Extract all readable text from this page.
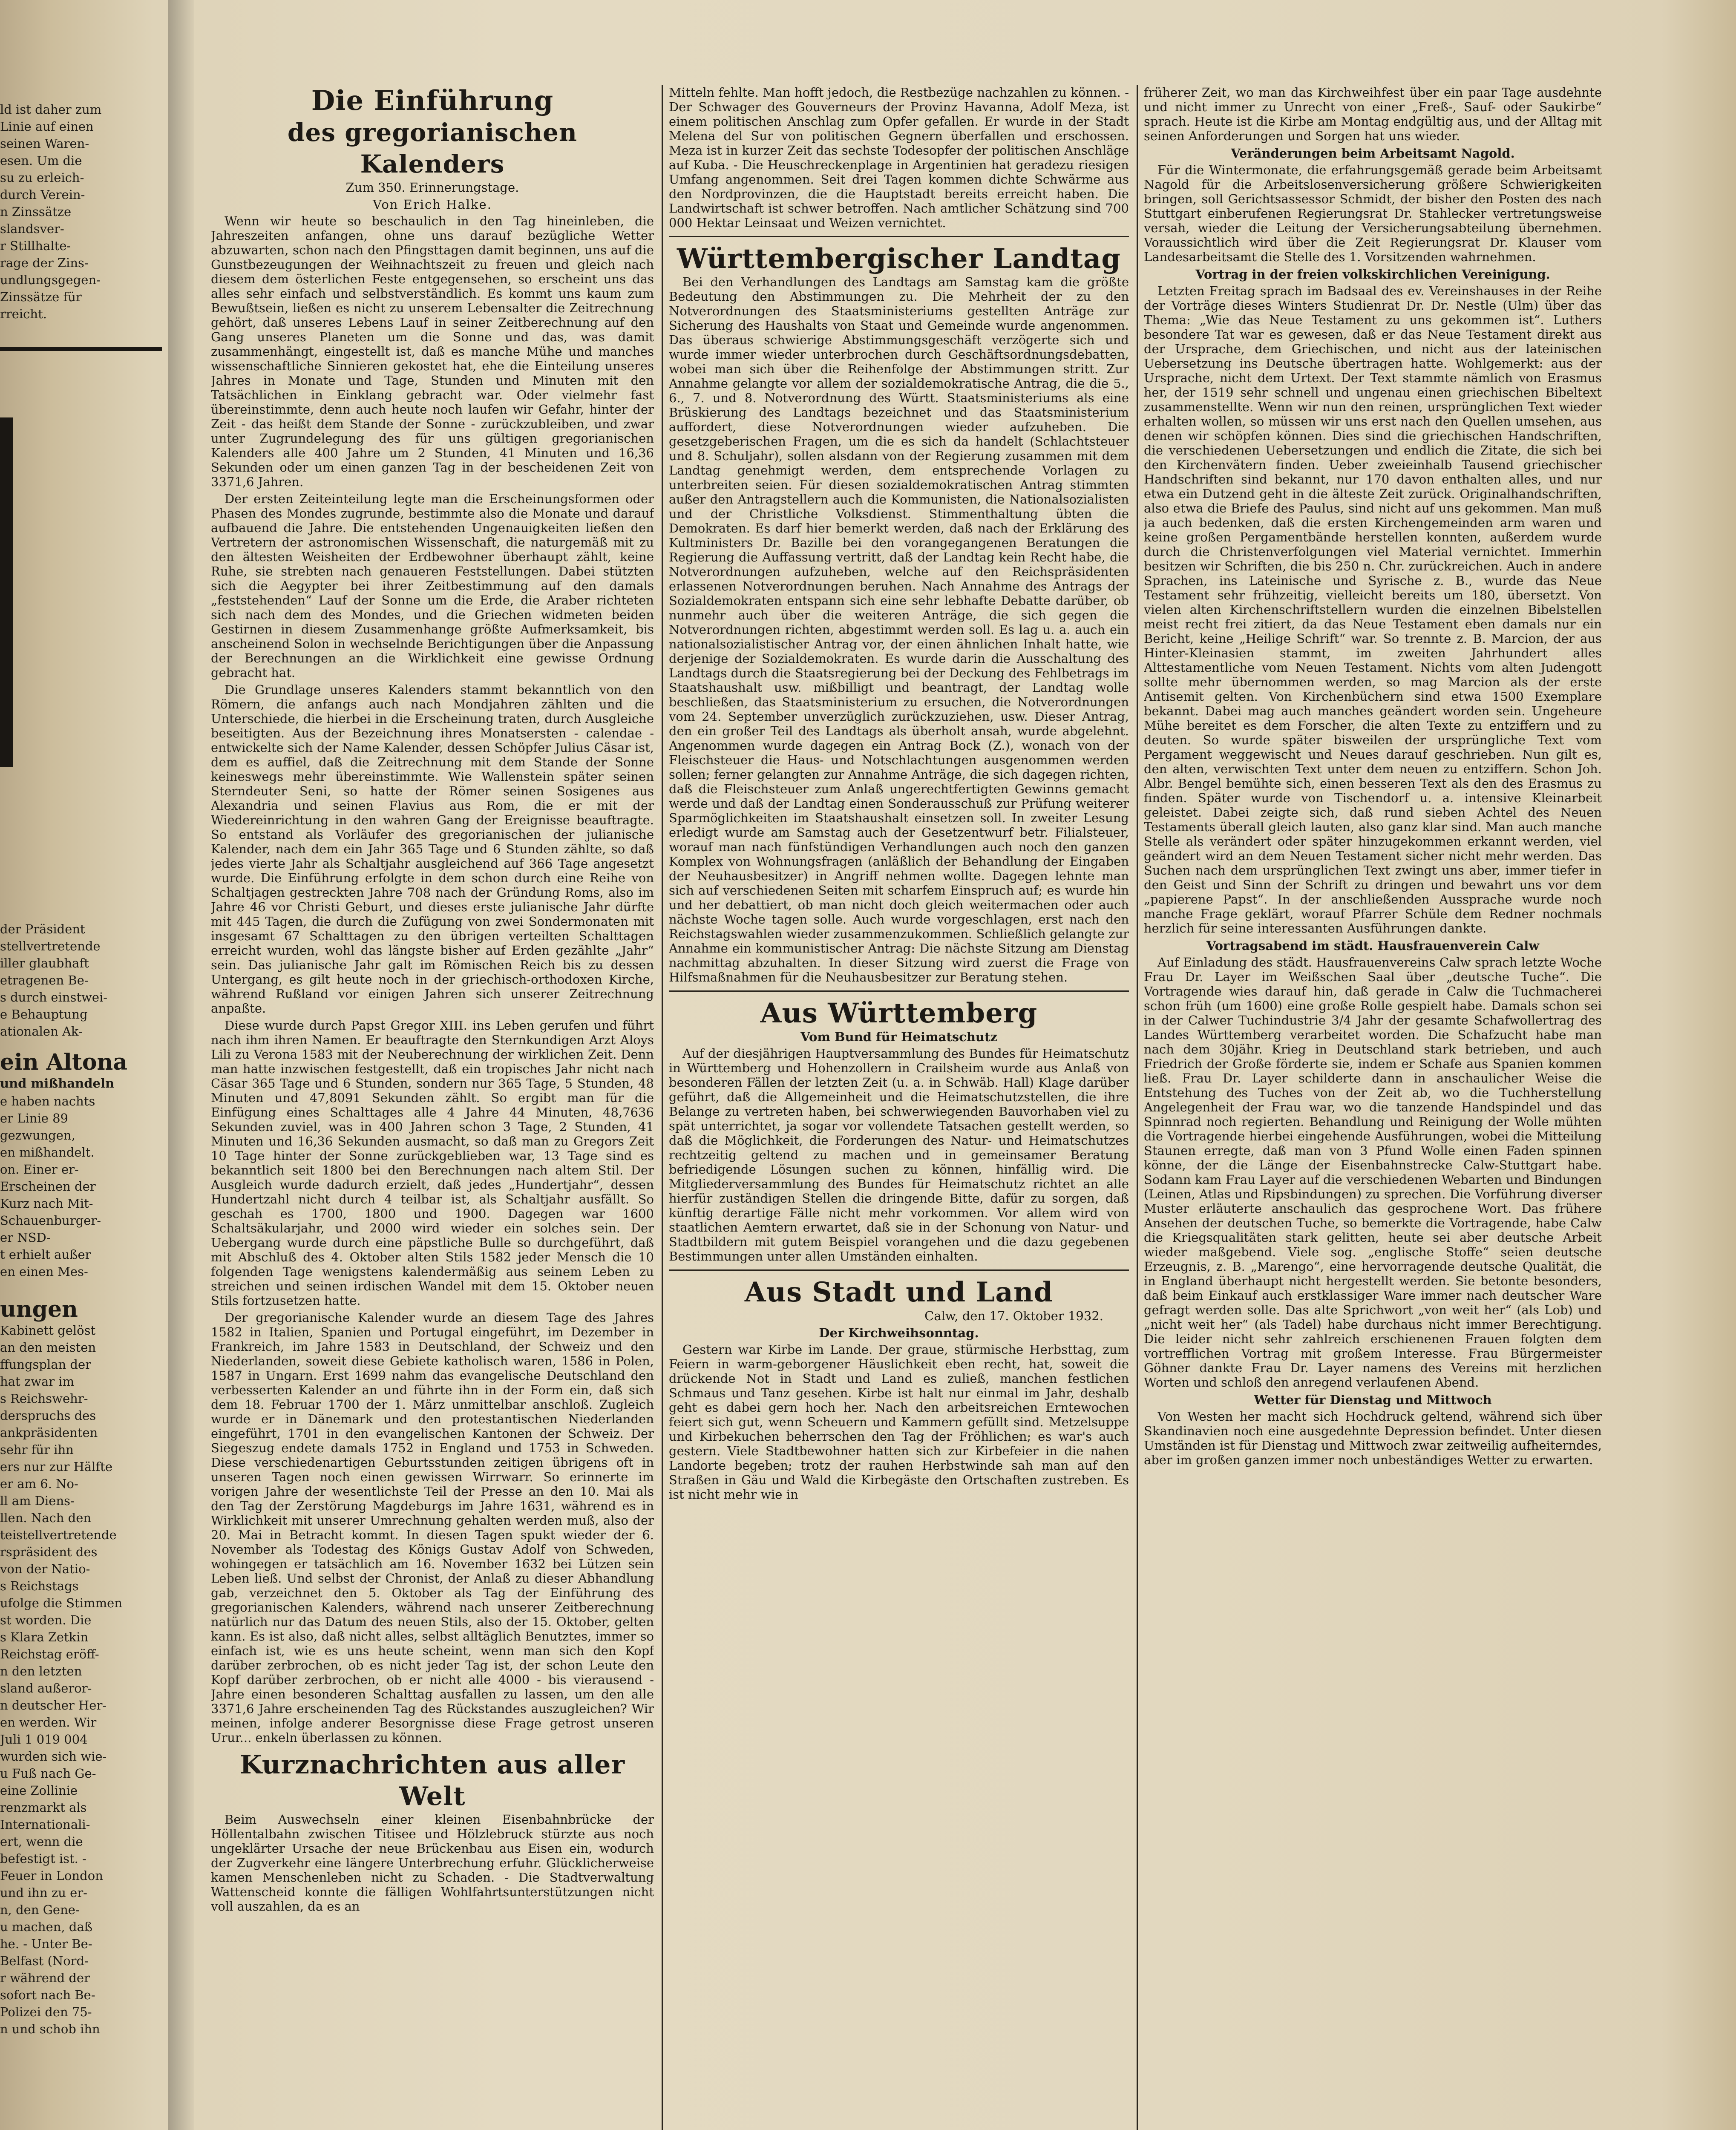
ld ist daher zum

Linie auf einen

seinen Waren-

esen. Um die

su zu erleich-

durch Verein-

n Zinssätze

slandsver-

r Stillhalte-

rage der Zins-

undlungsgegen-

Zinssätze für

rreicht.

der Präsident

stellvertretende

iller glaubhaft

etragenen Be-

s durch einstwei-

e Behauptung

ationalen Ak-

ein Altona
und mißhandeln

e haben nachts

er Linie 89

gezwungen,

en mißhandelt.

on. Einer er-

Erscheinen der

Kurz nach Mit-

Schauenburger-

er NSD-

t erhielt außer

en einen Mes-

ungen

Kabinett gelöst

an den meisten

ffungsplan der

hat zwar im

s Reichswehr-

derspruchs des

ankpräsidenten

sehr für ihn

ers nur zur Hälfte

er am 6. No-

ll am Diens-

llen. Nach den

teistellvertretende

rspräsident des

von der Natio-

s Reichstags

ufolge die Stimmen

st worden. Die

s Klara Zetkin

Reichstag eröff-

n den letzten

sland außeror-

n deutscher Her-

en werden. Wir

Juli 1 019 004

wurden sich wie-

u Fuß nach Ge-

eine Zollinie

renzmarkt als

Internationali-

ert, wenn die

befestigt ist. -

Feuer in London

und ihn zu er-

n, den Gene-

u machen, daß

he. - Unter Be-

Belfast (Nord-

r während der

sofort nach Be-

Polizei den 75-

n und schob ihn

Die Einführung
des gregorianischen Kalenders
Zum 350. Erinnerungstage.
Von Erich Halke.

Wenn wir heute so beschaulich in den Tag hineinleben, die Jahreszeiten anfangen, ohne uns darauf bezügliche Wetter abzuwarten, schon nach den Pfingsttagen damit beginnen, uns auf die Gunstbezeugungen der Weihnachtszeit zu freuen und gleich nach diesem dem österlichen Feste entgegensehen, so erscheint uns das alles sehr einfach und selbstverständlich. Es kommt uns kaum zum Bewußtsein, ließen es nicht zu unserem Lebensalter die Zeitrechnung gehört, daß unseres Lebens Lauf in seiner Zeitberechnung auf den Gang unseres Planeten um die Sonne und das, was damit zusammenhängt, eingestellt ist, daß es manche Mühe und manches wissenschaftliche Sinnieren gekostet hat, ehe die Einteilung unseres Jahres in Monate und Tage, Stunden und Minuten mit den Tatsächlichen in Einklang gebracht war. Oder vielmehr fast übereinstimmte, denn auch heute noch laufen wir Gefahr, hinter der Zeit - das heißt dem Stande der Sonne - zurückzubleiben, und zwar unter Zugrundelegung des für uns gültigen gregorianischen Kalenders alle 400 Jahre um 2 Stunden, 41 Minuten und 16,36 Sekunden oder um einen ganzen Tag in der bescheidenen Zeit von 3371,6 Jahren.

Der ersten Zeiteinteilung legte man die Erscheinungsformen oder Phasen des Mondes zugrunde, bestimmte also die Monate und darauf aufbauend die Jahre. Die entstehenden Ungenauigkeiten ließen den Vertretern der astronomischen Wissenschaft, die naturgemäß mit zu den ältesten Weisheiten der Erdbewohner überhaupt zählt, keine Ruhe, sie strebten nach genaueren Feststellungen. Dabei stützten sich die Aegypter bei ihrer Zeitbestimmung auf den damals „feststehenden“ Lauf der Sonne um die Erde, die Araber richteten sich nach dem des Mondes, und die Griechen widmeten beiden Gestirnen in diesem Zusammenhange größte Aufmerksamkeit, bis anscheinend Solon in wechselnde Berichtigungen über die Anpassung der Berechnungen an die Wirklichkeit eine gewisse Ordnung gebracht hat.

Die Grundlage unseres Kalenders stammt bekanntlich von den Römern, die anfangs auch nach Mondjahren zählten und die Unterschiede, die hierbei in die Erscheinung traten, durch Ausgleiche beseitigten. Aus der Bezeichnung ihres Monatsersten - calendae - entwickelte sich der Name Kalender, dessen Schöpfer Julius Cäsar ist, dem es auffiel, daß die Zeitrechnung mit dem Stande der Sonne keineswegs mehr übereinstimmte. Wie Wallenstein später seinen Sterndeuter Seni, so hatte der Römer seinen Sosigenes aus Alexandria und seinen Flavius aus Rom, die er mit der Wiedereinrichtung in den wahren Gang der Ereignisse beauftragte. So entstand als Vorläufer des gregorianischen der julianische Kalender, nach dem ein Jahr 365 Tage und 6 Stunden zählte, so daß jedes vierte Jahr als Schaltjahr ausgleichend auf 366 Tage angesetzt wurde. Die Einführung erfolgte in dem schon durch eine Reihe von Schaltjagen gestreckten Jahre 708 nach der Gründung Roms, also im Jahre 46 vor Christi Geburt, und dieses erste julianische Jahr dürfte mit 445 Tagen, die durch die Zufügung von zwei Sondermonaten mit insgesamt 67 Schalttagen zu den übrigen verteilten Schalttagen erreicht wurden, wohl das längste bisher auf Erden gezählte „Jahr“ sein. Das julianische Jahr galt im Römischen Reich bis zu dessen Untergang, es gilt heute noch in der griechisch-orthodoxen Kirche, während Rußland vor einigen Jahren sich unserer Zeitrechnung anpaßte.

Diese wurde durch Papst Gregor XIII. ins Leben gerufen und führt nach ihm ihren Namen. Er beauftragte den Sternkundigen Arzt Aloys Lili zu Verona 1583 mit der Neuberechnung der wirklichen Zeit. Denn man hatte inzwischen festgestellt, daß ein tropisches Jahr nicht nach Cäsar 365 Tage und 6 Stunden, sondern nur 365 Tage, 5 Stunden, 48 Minuten und 47,8091 Sekunden zählt. So ergibt man für die Einfügung eines Schalttages alle 4 Jahre 44 Minuten, 48,7636 Sekunden zuviel, was in 400 Jahren schon 3 Tage, 2 Stunden, 41 Minuten und 16,36 Sekunden ausmacht, so daß man zu Gregors Zeit 10 Tage hinter der Sonne zurückgeblieben war, 13 Tage sind es bekanntlich seit 1800 bei den Berechnungen nach altem Stil. Der Ausgleich wurde dadurch erzielt, daß jedes „Hundertjahr“, dessen Hundertzahl nicht durch 4 teilbar ist, als Schaltjahr ausfällt. So geschah es 1700, 1800 und 1900. Dagegen war 1600 Schaltsäkularjahr, und 2000 wird wieder ein solches sein. Der Uebergang wurde durch eine päpstliche Bulle so durchgeführt, daß mit Abschluß des 4. Oktober alten Stils 1582 jeder Mensch die 10 folgenden Tage wenigstens kalendermäßig aus seinem Leben zu streichen und seinen irdischen Wandel mit dem 15. Oktober neuen Stils fortzusetzen hatte.

Der gregorianische Kalender wurde an diesem Tage des Jahres 1582 in Italien, Spanien und Portugal eingeführt, im Dezember in Frankreich, im Jahre 1583 in Deutschland, der Schweiz und den Niederlanden, soweit diese Gebiete katholisch waren, 1586 in Polen, 1587 in Ungarn. Erst 1699 nahm das evangelische Deutschland den verbesserten Kalender an und führte ihn in der Form ein, daß sich dem 18. Februar 1700 der 1. März unmittelbar anschloß. Zugleich wurde er in Dänemark und den protestantischen Niederlanden eingeführt, 1701 in den evangelischen Kantonen der Schweiz. Der Siegeszug endete damals 1752 in England und 1753 in Schweden. Diese verschiedenartigen Geburtsstunden zeitigen übrigens oft in unseren Tagen noch einen gewissen Wirrwarr. So erinnerte im vorigen Jahre der wesentlichste Teil der Presse an den 10. Mai als den Tag der Zerstörung Magdeburgs im Jahre 1631, während es in Wirklichkeit mit unserer Umrechnung gehalten werden muß, also der 20. Mai in Betracht kommt. In diesen Tagen spukt wieder der 6. November als Todestag des Königs Gustav Adolf von Schweden, wohingegen er tatsächlich am 16. November 1632 bei Lützen sein Leben ließ. Und selbst der Chronist, der Anlaß zu dieser Abhandlung gab, verzeichnet den 5. Oktober als Tag der Einführung des gregorianischen Kalenders, während nach unserer Zeitberechnung natürlich nur das Datum des neuen Stils, also der 15. Oktober, gelten kann. Es ist also, daß nicht alles, selbst alltäglich Benutztes, immer so einfach ist, wie es uns heute scheint, wenn man sich den Kopf darüber zerbrochen, ob es nicht jeder Tag ist, der schon Leute den Kopf darüber zerbrochen, ob er nicht alle 4000 - bis vierausend - Jahre einen besonderen Schalttag ausfallen zu lassen, um den alle 3371,6 Jahre erscheinenden Tag des Rückstandes auszugleichen? Wir meinen, infolge anderer Besorgnisse diese Frage getrost unseren Urur... enkeln überlassen zu können.

Kurznachrichten aus aller Welt

Beim Auswechseln einer kleinen Eisenbahnbrücke der Höllentalbahn zwischen Titisee und Hölzlebruck stürzte aus noch ungeklärter Ursache der neue Brückenbau aus Eisen ein, wodurch der Zugverkehr eine längere Unterbrechung erfuhr. Glücklicherweise kamen Menschenleben nicht zu Schaden. - Die Stadtverwaltung Wattenscheid konnte die fälligen Wohlfahrtsunterstützungen nicht voll auszahlen, da es an

Mitteln fehlte. Man hofft jedoch, die Restbezüge nachzahlen zu können. - Der Schwager des Gouverneurs der Provinz Havanna, Adolf Meza, ist einem politischen Anschlag zum Opfer gefallen. Er wurde in der Stadt Melena del Sur von politischen Gegnern überfallen und erschossen. Meza ist in kurzer Zeit das sechste Todesopfer der politischen Anschläge auf Kuba. - Die Heuschreckenplage in Argentinien hat geradezu riesigen Umfang angenommen. Seit drei Tagen kommen dichte Schwärme aus den Nordprovinzen, die die Hauptstadt bereits erreicht haben. Die Landwirtschaft ist schwer betroffen. Nach amtlicher Schätzung sind 700 000 Hektar Leinsaat und Weizen vernichtet.

Württembergischer Landtag

Bei den Verhandlungen des Landtags am Samstag kam die größte Bedeutung den Abstimmungen zu. Die Mehrheit der zu den Notverordnungen des Staatsministeriums gestellten Anträge zur Sicherung des Haushalts von Staat und Gemeinde wurde angenommen. Das überaus schwierige Abstimmungsgeschäft verzögerte sich und wurde immer wieder unterbrochen durch Geschäftsordnungsdebatten, wobei man sich über die Reihenfolge der Abstimmungen stritt. Zur Annahme gelangte vor allem der sozialdemokratische Antrag, die die 5., 6., 7. und 8. Notverordnung des Württ. Staatsministeriums als eine Brüskierung des Landtags bezeichnet und das Staatsministerium auffordert, diese Notverordnungen wieder aufzuheben. Die gesetzgeberischen Fragen, um die es sich da handelt (Schlachtsteuer und 8. Schuljahr), sollen alsdann von der Regierung zusammen mit dem Landtag genehmigt werden, dem entsprechende Vorlagen zu unterbreiten seien. Für diesen sozialdemokratischen Antrag stimmten außer den Antragstellern auch die Kommunisten, die Nationalsozialisten und der Christliche Volksdienst. Stimmenthaltung übten die Demokraten. Es darf hier bemerkt werden, daß nach der Erklärung des Kultministers Dr. Bazille bei den vorangegangenen Beratungen die Regierung die Auffassung vertritt, daß der Landtag kein Recht habe, die Notverordnungen aufzuheben, welche auf den Reichspräsidenten erlassenen Notverordnungen beruhen. Nach Annahme des Antrags der Sozialdemokraten entspann sich eine sehr lebhafte Debatte darüber, ob nunmehr auch über die weiteren Anträge, die sich gegen die Notverordnungen richten, abgestimmt werden soll. Es lag u. a. auch ein nationalsozialistischer Antrag vor, der einen ähnlichen Inhalt hatte, wie derjenige der Sozialdemokraten. Es wurde darin die Ausschaltung des Landtags durch die Staatsregierung bei der Deckung des Fehlbetrags im Staatshaushalt usw. mißbilligt und beantragt, der Landtag wolle beschließen, das Staatsministerium zu ersuchen, die Notverordnungen vom 24. September unverzüglich zurückzuziehen, usw. Dieser Antrag, den ein großer Teil des Landtags als überholt ansah, wurde abgelehnt. Angenommen wurde dagegen ein Antrag Bock (Z.), wonach von der Fleischsteuer die Haus- und Notschlachtungen ausgenommen werden sollen; ferner gelangten zur Annahme Anträge, die sich dagegen richten, daß die Fleischsteuer zum Anlaß ungerechtfertigten Gewinns gemacht werde und daß der Landtag einen Sonderausschuß zur Prüfung weiterer Sparmöglichkeiten im Staatshaushalt einsetzen soll. In zweiter Lesung erledigt wurde am Samstag auch der Gesetzentwurf betr. Filialsteuer, worauf man nach fünfstündigen Verhandlungen auch noch den ganzen Komplex von Wohnungsfragen (anläßlich der Behandlung der Eingaben der Neuhausbesitzer) in Angriff nehmen wollte. Dagegen lehnte man sich auf verschiedenen Seiten mit scharfem Einspruch auf; es wurde hin und her debattiert, ob man nicht doch gleich weitermachen oder auch nächste Woche tagen solle. Auch wurde vorgeschlagen, erst nach den Reichstagswahlen wieder zusammenzukommen. Schließlich gelangte zur Annahme ein kommunistischer Antrag: Die nächste Sitzung am Dienstag nachmittag abzuhalten. In dieser Sitzung wird zuerst die Frage von Hilfsmaßnahmen für die Neuhausbesitzer zur Beratung stehen.

Aus Württemberg
Vom Bund für Heimatschutz

Auf der diesjährigen Hauptversammlung des Bundes für Heimatschutz in Württemberg und Hohenzollern in Crailsheim wurde aus Anlaß von besonderen Fällen der letzten Zeit (u. a. in Schwäb. Hall) Klage darüber geführt, daß die Allgemeinheit und die Heimatschutzstellen, die ihre Belange zu vertreten haben, bei schwerwiegenden Bauvorhaben viel zu spät unterrichtet, ja sogar vor vollendete Tatsachen gestellt werden, so daß die Möglichkeit, die Forderungen des Natur- und Heimatschutzes rechtzeitig geltend zu machen und in gemeinsamer Beratung befriedigende Lösungen suchen zu können, hinfällig wird. Die Mitgliederversammlung des Bundes für Heimatschutz richtet an alle hierfür zuständigen Stellen die dringende Bitte, dafür zu sorgen, daß künftig derartige Fälle nicht mehr vorkommen. Vor allem wird von staatlichen Aemtern erwartet, daß sie in der Schonung von Natur- und Stadtbildern mit gutem Beispiel vorangehen und die dazu gegebenen Bestimmungen unter allen Umständen einhalten.

Aus Stadt und Land
Calw, den 17. Oktober 1932.
Der Kirchweihsonntag.

Gestern war Kirbe im Lande. Der graue, stürmische Herbsttag, zum Feiern in warm-geborgener Häuslichkeit eben recht, hat, soweit die drückende Not in Stadt und Land es zuließ, manchen festlichen Schmaus und Tanz gesehen. Kirbe ist halt nur einmal im Jahr, deshalb geht es dabei gern hoch her. Nach den arbeitsreichen Erntewochen feiert sich gut, wenn Scheuern und Kammern gefüllt sind. Metzelsuppe und Kirbekuchen beherrschen den Tag der Fröhlichen; es war's auch gestern. Viele Stadtbewohner hatten sich zur Kirbefeier in die nahen Landorte begeben; trotz der rauhen Herbstwinde sah man auf den Straßen in Gäu und Wald die Kirbegäste den Ortschaften zustreben. Es ist nicht mehr wie in

früherer Zeit, wo man das Kirchweihfest über ein paar Tage ausdehnte und nicht immer zu Unrecht von einer „Freß-, Sauf- oder Saukirbe“ sprach. Heute ist die Kirbe am Montag endgültig aus, und der Alltag mit seinen Anforderungen und Sorgen hat uns wieder.

Veränderungen beim Arbeitsamt Nagold.

Für die Wintermonate, die erfahrungsgemäß gerade beim Arbeitsamt Nagold für die Arbeitslosenversicherung größere Schwierigkeiten bringen, soll Gerichtsassessor Schmidt, der bisher den Posten des nach Stuttgart einberufenen Regierungsrat Dr. Stahlecker vertretungsweise versah, wieder die Leitung der Versicherungsabteilung übernehmen. Voraussichtlich wird über die Zeit Regierungsrat Dr. Klauser vom Landesarbeitsamt die Stelle des 1. Vorsitzenden wahrnehmen.

Vortrag in der freien volkskirchlichen Vereinigung.

Letzten Freitag sprach im Badsaal des ev. Vereinshauses in der Reihe der Vorträge dieses Winters Studienrat Dr. Dr. Nestle (Ulm) über das Thema: „Wie das Neue Testament zu uns gekommen ist“. Luthers besondere Tat war es gewesen, daß er das Neue Testament direkt aus der Ursprache, dem Griechischen, und nicht aus der lateinischen Uebersetzung ins Deutsche übertragen hatte. Wohlgemerkt: aus der Ursprache, nicht dem Urtext. Der Text stammte nämlich von Erasmus her, der 1519 sehr schnell und ungenau einen griechischen Bibeltext zusammenstellte. Wenn wir nun den reinen, ursprünglichen Text wieder erhalten wollen, so müssen wir uns erst nach den Quellen umsehen, aus denen wir schöpfen können. Dies sind die griechischen Handschriften, die verschiedenen Uebersetzungen und endlich die Zitate, die sich bei den Kirchenvätern finden. Ueber zweieinhalb Tausend griechischer Handschriften sind bekannt, nur 170 davon enthalten alles, und nur etwa ein Dutzend geht in die älteste Zeit zurück. Originalhandschriften, also etwa die Briefe des Paulus, sind nicht auf uns gekommen. Man muß ja auch bedenken, daß die ersten Kirchengemeinden arm waren und keine großen Pergamentbände herstellen konnten, außerdem wurde durch die Christenverfolgungen viel Material vernichtet. Immerhin besitzen wir Schriften, die bis 250 n. Chr. zurückreichen. Auch in andere Sprachen, ins Lateinische und Syrische z. B., wurde das Neue Testament sehr frühzeitig, vielleicht bereits um 180, übersetzt. Von vielen alten Kirchenschriftstellern wurden die einzelnen Bibelstellen meist recht frei zitiert, da das Neue Testament eben damals nur ein Bericht, keine „Heilige Schrift“ war. So trennte z. B. Marcion, der aus Hinter-Kleinasien stammt, im zweiten Jahrhundert alles Alttestamentliche vom Neuen Testament. Nichts vom alten Judengott sollte mehr übernommen werden, so mag Marcion als der erste Antisemit gelten. Von Kirchenbüchern sind etwa 1500 Exemplare bekannt. Dabei mag auch manches geändert worden sein. Ungeheure Mühe bereitet es dem Forscher, die alten Texte zu entziffern und zu deuten. So wurde später bisweilen der ursprüngliche Text vom Pergament weggewischt und Neues darauf geschrieben. Nun gilt es, den alten, verwischten Text unter dem neuen zu entziffern. Schon Joh. Albr. Bengel bemühte sich, einen besseren Text als den des Erasmus zu finden. Später wurde von Tischendorf u. a. intensive Kleinarbeit geleistet. Dabei zeigte sich, daß rund sieben Achtel des Neuen Testaments überall gleich lauten, also ganz klar sind. Man auch manche Stelle als verändert oder später hinzugekommen erkannt werden, viel geändert wird an dem Neuen Testament sicher nicht mehr werden. Das Suchen nach dem ursprünglichen Text zwingt uns aber, immer tiefer in den Geist und Sinn der Schrift zu dringen und bewahrt uns vor dem „papierene Papst“. In der anschließenden Aussprache wurde noch manche Frage geklärt, worauf Pfarrer Schüle dem Redner nochmals herzlich für seine interessanten Ausführungen dankte.

Vortragsabend im städt. Hausfrauenverein Calw

Auf Einladung des städt. Hausfrauenvereins Calw sprach letzte Woche Frau Dr. Layer im Weißschen Saal über „deutsche Tuche“. Die Vortragende wies darauf hin, daß gerade in Calw die Tuchmacherei schon früh (um 1600) eine große Rolle gespielt habe. Damals schon sei in der Calwer Tuchindustrie 3/4 Jahr der gesamte Schafwollertrag des Landes Württemberg verarbeitet worden. Die Schafzucht habe man nach dem 30jähr. Krieg in Deutschland stark betrieben, und auch Friedrich der Große förderte sie, indem er Schafe aus Spanien kommen ließ. Frau Dr. Layer schilderte dann in anschaulicher Weise die Entstehung des Tuches von der Zeit ab, wo die Tuchherstellung Angelegenheit der Frau war, wo die tanzende Handspindel und das Spinnrad noch regierten. Behandlung und Reinigung der Wolle mühten die Vortragende hierbei eingehende Ausführungen, wobei die Mitteilung Staunen erregte, daß man von 3 Pfund Wolle einen Faden spinnen könne, der die Länge der Eisenbahnstrecke Calw-Stuttgart habe. Sodann kam Frau Layer auf die verschiedenen Webarten und Bindungen (Leinen, Atlas und Ripsbindungen) zu sprechen. Die Vorführung diverser Muster erläuterte anschaulich das gesprochene Wort. Das frühere Ansehen der deutschen Tuche, so bemerkte die Vortragende, habe Calw die Kriegsqualitäten stark gelitten, heute sei aber deutsche Arbeit wieder maßgebend. Viele sog. „englische Stoffe“ seien deutsche Erzeugnis, z. B. „Marengo“, eine hervorragende deutsche Qualität, die in England überhaupt nicht hergestellt werden. Sie betonte besonders, daß beim Einkauf auch erstklassiger Ware immer nach deutscher Ware gefragt werden solle. Das alte Sprichwort „von weit her“ (als Lob) und „nicht weit her“ (als Tadel) habe durchaus nicht immer Berechtigung. Die leider nicht sehr zahlreich erschienenen Frauen folgten dem vortrefflichen Vortrag mit großem Interesse. Frau Bürgermeister Göhner dankte Frau Dr. Layer namens des Vereins mit herzlichen Worten und schloß den anregend verlaufenen Abend.

Wetter für Dienstag und Mittwoch

Von Westen her macht sich Hochdruck geltend, während sich über Skandinavien noch eine ausgedehnte Depression befindet. Unter diesen Umständen ist für Dienstag und Mittwoch zwar zeitweilig aufheiterndes, aber im großen ganzen immer noch unbeständiges Wetter zu erwarten.
